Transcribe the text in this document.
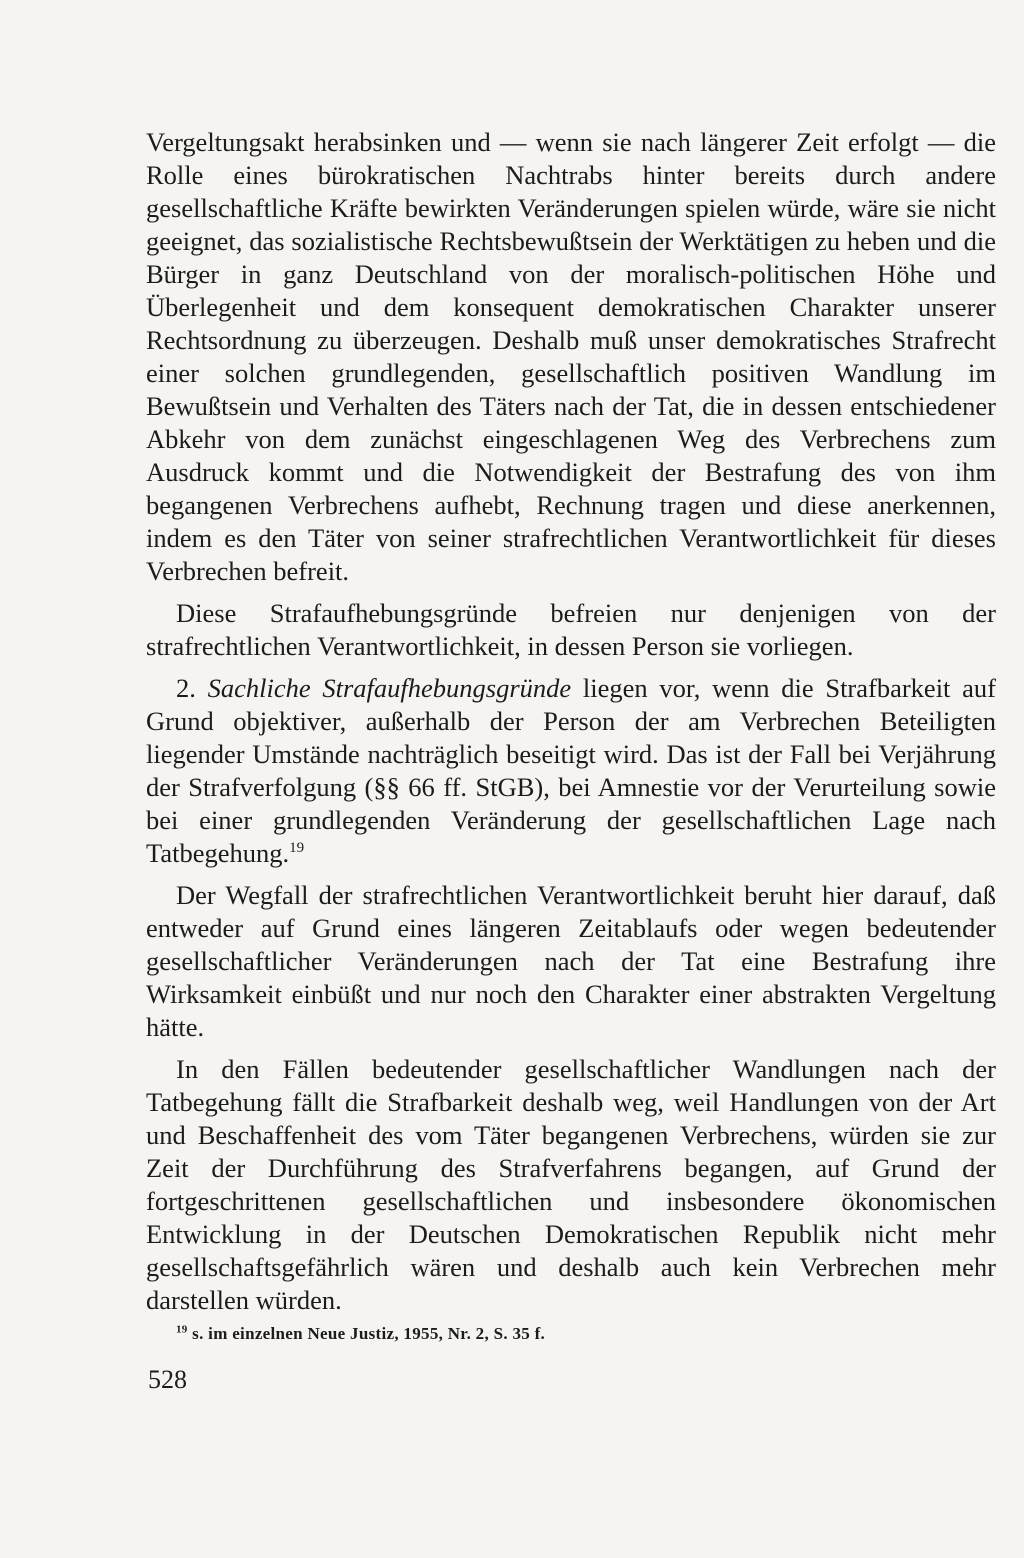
Vergeltungsakt herabsinken und — wenn sie nach längerer Zeit erfolgt — die Rolle eines bürokratischen Nachtrabs hinter bereits durch andere gesellschaftliche Kräfte bewirkten Veränderungen spielen würde, wäre sie nicht geeignet, das sozialistische Rechtsbewußtsein der Werktätigen zu heben und die Bürger in ganz Deutschland von der moralisch-politischen Höhe und Überlegenheit und dem konsequent demokratischen Charakter unserer Rechtsordnung zu überzeugen. Deshalb muß unser demokratisches Strafrecht einer solchen grundlegenden, gesellschaftlich positiven Wandlung im Bewußtsein und Verhalten des Täters nach der Tat, die in dessen entschiedener Abkehr von dem zunächst eingeschlagenen Weg des Verbrechens zum Ausdruck kommt und die Notwendigkeit der Bestrafung des von ihm begangenen Verbrechens aufhebt, Rechnung tragen und diese anerkennen, indem es den Täter von seiner strafrechtlichen Verantwortlichkeit für dieses Verbrechen befreit.

Diese Strafaufhebungsgründe befreien nur denjenigen von der strafrechtlichen Verantwortlichkeit, in dessen Person sie vorliegen.

2. Sachliche Strafaufhebungsgründe liegen vor, wenn die Strafbarkeit auf Grund objektiver, außerhalb der Person der am Verbrechen Beteiligten liegender Umstände nachträglich beseitigt wird. Das ist der Fall bei Verjährung der Strafverfolgung (§§ 66 ff. StGB), bei Amnestie vor der Verurteilung sowie bei einer grundlegenden Veränderung der gesellschaftlichen Lage nach Tatbegehung.$^{19}$

Der Wegfall der strafrechtlichen Verantwortlichkeit beruht hier darauf, daß entweder auf Grund eines längeren Zeitablaufs oder wegen bedeutender gesellschaftlicher Veränderungen nach der Tat eine Bestrafung ihre Wirksamkeit einbüßt und nur noch den Charakter einer abstrakten Vergeltung hätte.

In den Fällen bedeutender gesellschaftlicher Wandlungen nach der Tatbegehung fällt die Strafbarkeit deshalb weg, weil Handlungen von der Art und Beschaffenheit des vom Täter begangenen Verbrechens, würden sie zur Zeit der Durchführung des Strafverfahrens begangen, auf Grund der fortgeschrittenen gesellschaftlichen und insbesondere ökonomischen Entwicklung in der Deutschen Demokratischen Republik nicht mehr gesellschaftsgefährlich wären und deshalb auch kein Verbrechen mehr darstellen würden.

$^{19}$ s. im einzelnen Neue Justiz, 1955, Nr. 2, S. 35 f.
528
